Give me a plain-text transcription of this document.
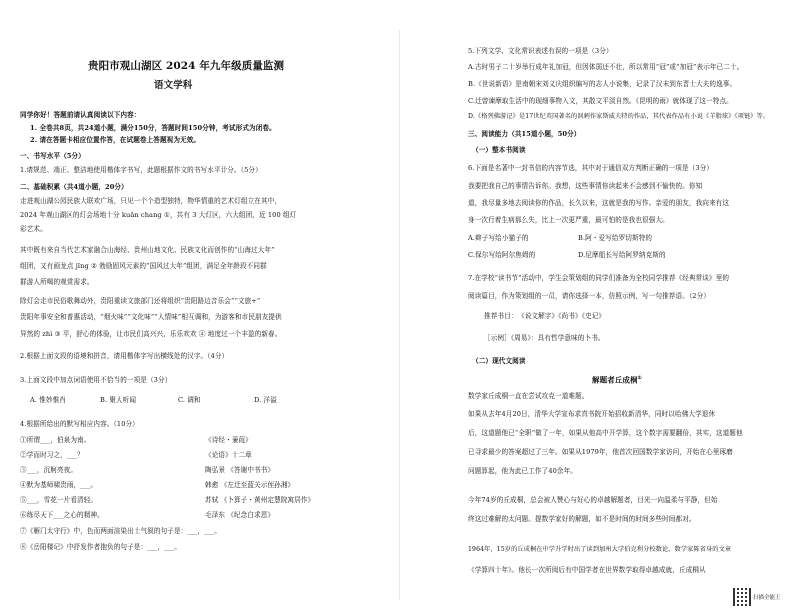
贵阳市观山湖区 2024 年九年级质量监测
语文学科
同学你好！答题前请认真阅读以下内容：
1. 全卷共8页，共24道小题，满分150分，答题时间150分钟，考试形式为闭卷。
2. 请在答题卡相应位置作答，在试题卷上答题视为无效。
一、书写水平（5分）
1.请规范、端正、整洁地使用楷体字书写，此题根据作文的书写水平计分。（5分）
二、基础积累（共4道小题，20分）
走进观山湖公园民族大联欢广场，只见一个个造型独特，物华情重的艺术灯组立在其中，
2024 年观山湖区的灯会场地十分 kuǎn chang ①，共有 3 大灯区，六大组团，近 100 组灯
彩艺术。
其中既有来自当代艺术家融合山海经、贵州山地文化、民族文化而创作的“山海过大年”
组团，又有画龙点 jīng ② 勃励固风元素的“国风过大年”组团，满足全年龄段不同群
群游人所喝的观赏需求。
除灯会走市民俗歌舞动外，贵阳重读文旅部门还将组织“贵阳路边音乐会”“文旅+”
贵阳年事安全和普惠活动，“烟火味”“文化味”“人情味”相互调和，为游客和市民朋友提供
异然的 zhì ③ 平，舒心的体验，让市民们高兴兴，乐乐欢欢 ④ 地度过一个丰盈的新春。
2.根据上面文段的语境和拼音，请用楷体字写出横线处的汉字。（4分）
3.上面文段中加点词语使用不恰当的一项是（3分）
A. 惟妙惟肖	B. 聚人听闻	C. 调和	D. 洋溢
4.根据所给出的默写相应内容。（10分）
①所谓___，伯泉为南。	《诗经・蒹葭》
②学而时习之，___？	《论语》十二章
③___，沉舸亮夜。	陶弘景 《答谢中书书》
④默为基师啸贵雨，___。	韩愈 《左迁至蓝关示侄孙湘》
⑤___，雪花一片看清轻。	苏轼 《卜算子・黄州定慧院寓居作》
⑥练尽天下___之心的精神。	毛泽东 《纪念白求恩》
⑦《雁门太守行》中，色而两面渲染出士气叙的句子是：___，___。
⑧《岳阳楼记》中抒发作者抱负的句子是：___，___。
5.下列文学、文化常识表述有误的一项是（3分）
A.古时男子二十岁举行成年礼加冠，但因体弱还不壮，所以常用“冠”或“加冠”表示年已二十。
B.《世说新语》是南朝宋刘义庆组织编写的志人小说集，记录了汉末到东晋士大夫的逸事。
C.迁曾谏摩取生活中的现细事物入文，其散文平淡自然。《昆明的雨》就体现了这一特点。
D.《格列佛游记》是17世纪英国著名的讽刺作家斯威夫特的作品，其代表作品有小说《羊脂球》《项链》等。
三、阅读能力（共15道小题，50分）
（一）整本书阅读
6.下面是名著中一封书信的内容节选，其中对于通信双方判断正确的一项是（3分）
我要把我自己的事情告诉你。我想，这些事情你读起来不会感到不愉快的。你知
道，我尽量多地去阅读你的作品，长久以来，这就是我的写作。亲爱的朋友，我向来有这
身一次行着生病那么失，比上一次更严重，最可怕的是我也很强大。
A.辫子写给小猫子的	B.阿・爱写给罗切斯特的
C.保尔写给阿尔焦姆的	D.尼摩船长写给阿罗纳克斯的
7.在学校“读书节”活动中，学生会策划组的同学们准备为全校同学推荐《经典常谈》里的
阅读篇目，作为策划组的一员，请你选择一本，仿照示例，写一句推荐语。（2分）
推荐书目： 《说文解字》《尚书》《史记》
［示例］《周易》：具有哲学意味的卜书。
（二）现代文阅读
解题者丘成桐①
数学家丘成桐一直在尝试攻克一道难题。
如果从去年4月20日，清华大学宣布求真书院开始招收新清华，同时以哈佛大学退休
后，这道题他已“全职”做了一年，如果从他高中开学算，这个数字需要翻倍，其实，这道题他
已寻求最少的答案超过了三年。如果从1979年，他首次回国数学家访问，开始在心里琢磨
问题算起，他为此已工作了40余年。
今年74岁的丘成桐，总会被人赞心与好心的卓越解题者，目光一向温柔与平静，但始
终这过难解的太问题。提数学家好的解题，如不是时间的时间多些时间都对。
1964年，15岁的丘成桐在中学升学时出了读到加州大学伯克利分校数论、数学家陈省身的文章
《学算四十年》。他长一次所阅后有中国学者在世界数学取得卓越成就，丘成桐从
扫描全能王
